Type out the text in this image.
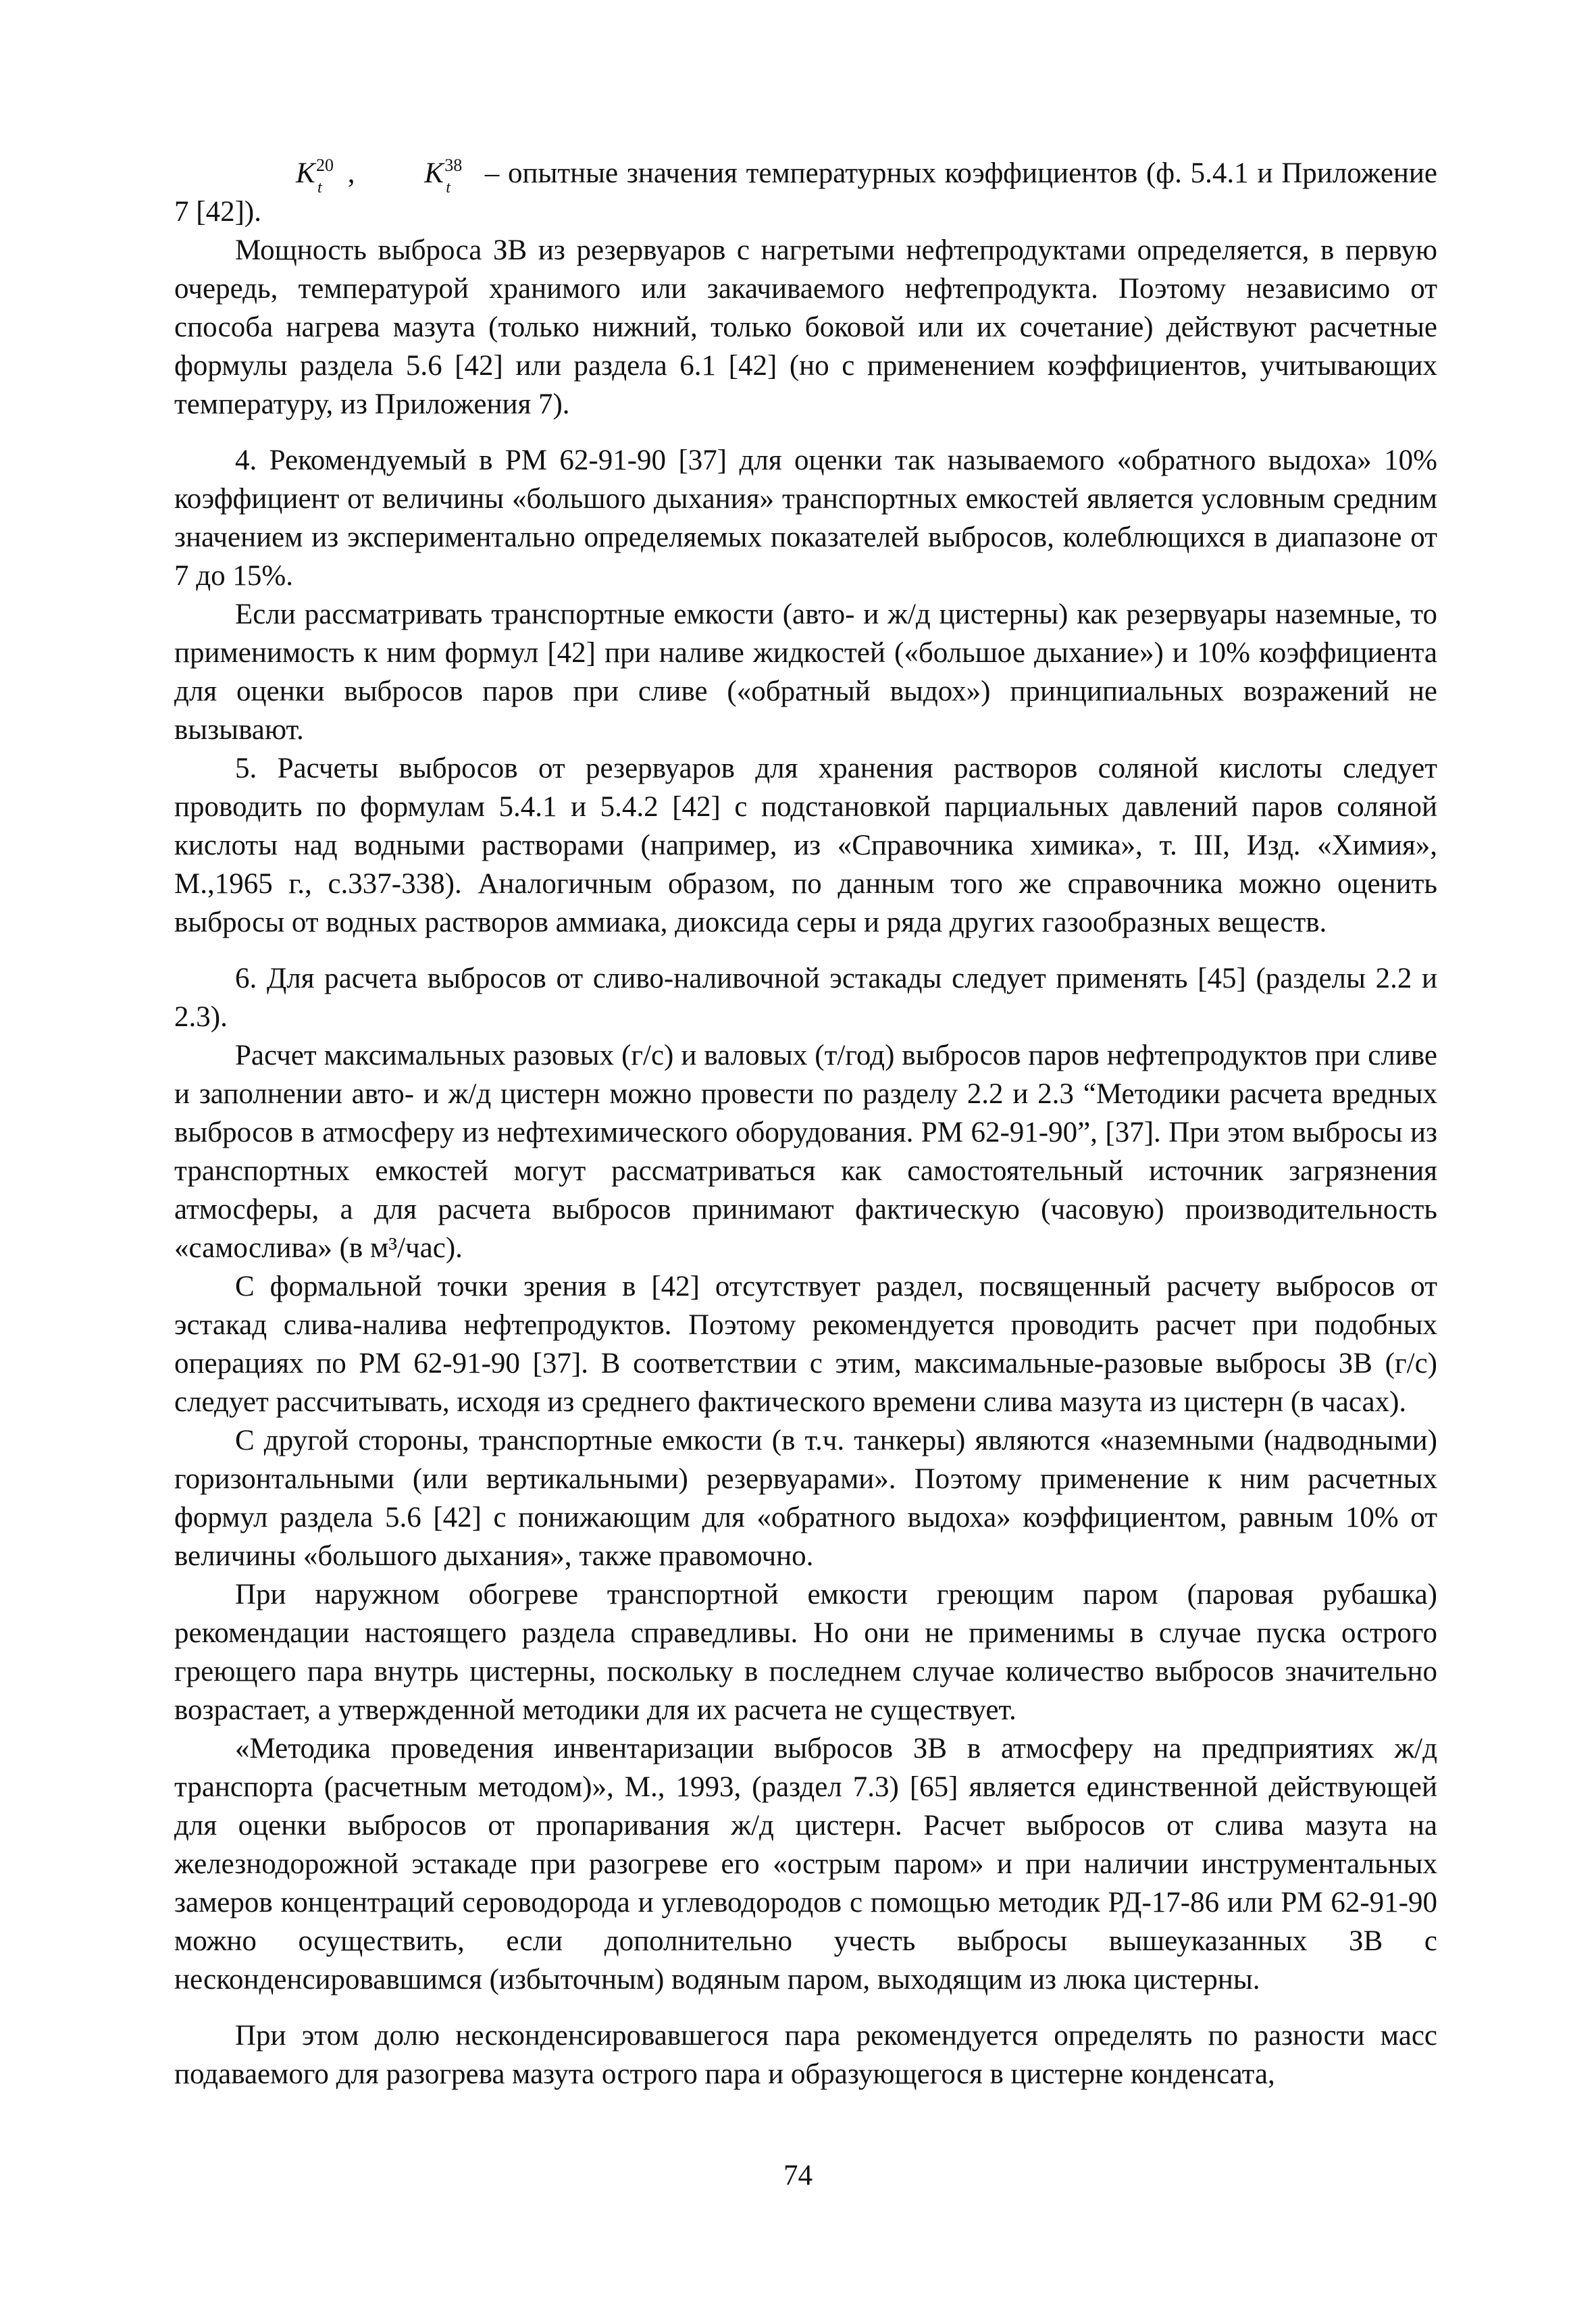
K 20
t , K 38
t – опытные значения температурных коэффициентов (ф. 5.4.1 и Приложение 7 [42]).

Мощность выброса ЗВ из резервуаров с нагретыми нефтепродуктами определяется, в первую очередь, температурой хранимого или закачиваемого нефтепродукта. Поэтому независимо от способа нагрева мазута (только нижний, только боковой или их сочетание) действуют расчетные формулы раздела 5.6 [42] или раздела 6.1 [42] (но с применением коэффициентов, учитывающих температуру, из Приложения 7).

4. Рекомендуемый в РМ 62-91-90 [37] для оценки так называемого «обратного выдоха» 10% коэффициент от величины «большого дыхания» транспортных емкостей является условным средним значением из экспериментально определяемых показателей выбросов, колеблющихся в диапазоне от 7 до 15%.

Если рассматривать транспортные емкости (авто- и ж/д цистерны) как резервуары наземные, то применимость к ним формул [42] при наливе жидкостей («большое дыхание») и 10% коэффициента для оценки выбросов паров при сливе («обратный выдох») принципиальных возражений не вызывают.

5. Расчеты выбросов от резервуаров для хранения растворов соляной кислоты следует проводить по формулам 5.4.1 и 5.4.2 [42] с подстановкой парциальных давлений паров соляной кислоты над водными растворами (например, из «Справочника химика», т. III, Изд. «Химия», М.,1965 г., с.337-338). Аналогичным образом, по данным того же справочника можно оценить выбросы от водных растворов аммиака, диоксида серы и ряда других газообразных веществ.

6. Для расчета выбросов от сливо-наливочной эстакады следует применять [45] (разделы 2.2 и 2.3).

Расчет максимальных разовых (г/с) и валовых (т/год) выбросов паров нефтепродуктов при сливе и заполнении авто- и ж/д цистерн можно провести по разделу 2.2 и 2.3 “Методики расчета вредных выбросов в атмосферу из нефтехимического оборудования. РМ 62-91-90”, [37]. При этом выбросы из транспортных емкостей могут рассматриваться как самостоятельный источник загрязнения атмосферы, а для расчета выбросов принимают фактическую (часовую) производительность «самослива» (в м³/час).

С формальной точки зрения в [42] отсутствует раздел, посвященный расчету выбросов от эстакад слива-налива нефтепродуктов. Поэтому рекомендуется проводить расчет при подобных операциях по РМ 62-91-90 [37]. В соответствии с этим, максимальные-разовые выбросы ЗВ (г/с) следует рассчитывать, исходя из среднего фактического времени слива мазута из цистерн (в часах).

С другой стороны, транспортные емкости (в т.ч. танкеры) являются «наземными (надводными) горизонтальными (или вертикальными) резервуарами». Поэтому применение к ним расчетных формул раздела 5.6 [42] с понижающим для «обратного выдоха» коэффициентом, равным 10% от величины «большого дыхания», также правомочно.

При наружном обогреве транспортной емкости греющим паром (паровая рубашка) рекомендации настоящего раздела справедливы. Но они не применимы в случае пуска острого греющего пара внутрь цистерны, поскольку в последнем случае количество выбросов значительно возрастает, а утвержденной методики для их расчета не существует.

«Методика проведения инвентаризации выбросов ЗВ в атмосферу на предприятиях ж/д транспорта (расчетным методом)», М., 1993, (раздел 7.3) [65] является единственной действующей для оценки выбросов от пропаривания ж/д цистерн. Расчет выбросов от слива мазута на железнодорожной эстакаде при разогреве его «острым паром» и при наличии инструментальных замеров концентраций сероводорода и углеводородов с помощью методик РД-17-86 или РМ 62-91-90 можно осуществить, если дополнительно учесть выбросы вышеуказанных ЗВ с несконденсировавшимся (избыточным) водяным паром, выходящим из люка цистерны.

При этом долю несконденсировавшегося пара рекомендуется определять по разности масс подаваемого для разогрева мазута острого пара и образующегося в цистерне конденсата,

74
